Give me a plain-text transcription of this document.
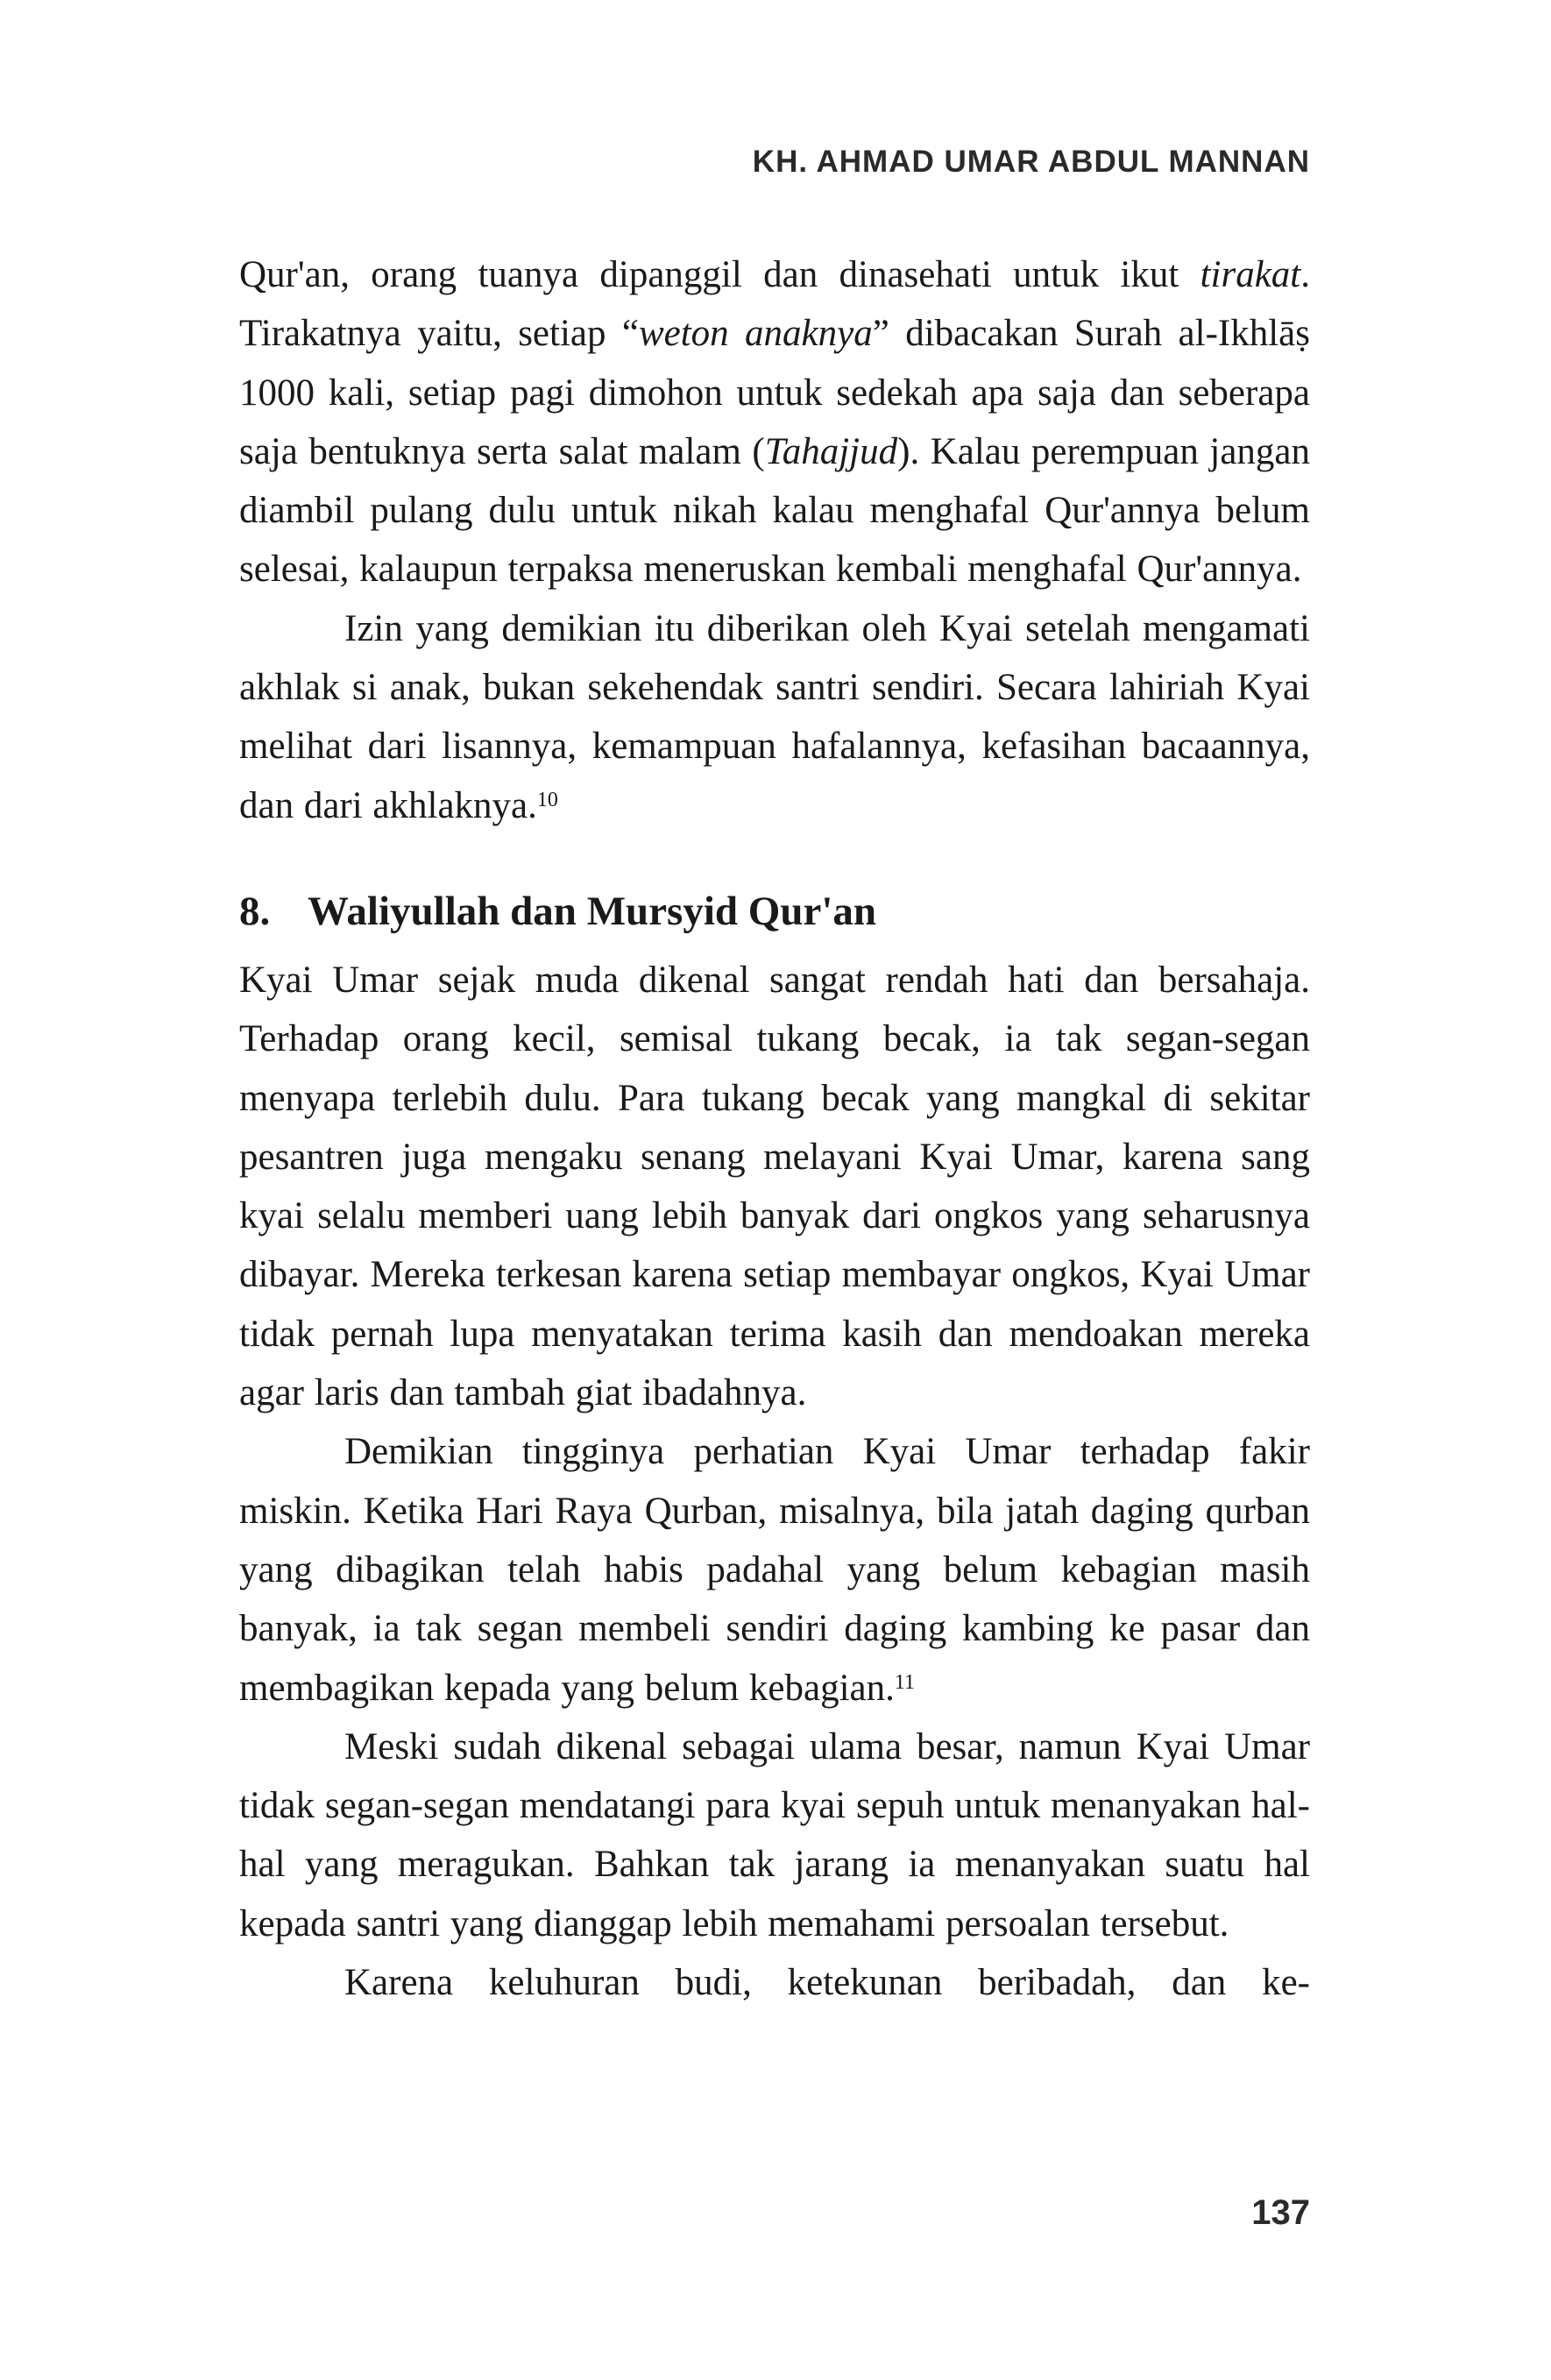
KH. AHMAD UMAR ABDUL MANNAN

Qur'an, orang tuanya dipanggil dan dinasehati untuk ikut tirakat. Tirakatnya yaitu, setiap “weton anaknya” dibacakan Surah al-Ikhlāṣ 1000 kali, setiap pagi dimohon untuk sedekah apa saja dan seberapa saja bentuknya serta salat malam (Tahajjud). Kalau perempuan jangan diambil pulang dulu untuk nikah kalau menghafal Qur'annya belum selesai, kalaupun terpaksa meneruskan kembali menghafal Qur'annya.

Izin yang demikian itu diberikan oleh Kyai setelah mengamati akhlak si anak, bukan sekehendak santri sendiri. Secara lahiriah Kyai melihat dari lisannya, kemampuan hafalannya, kefasihan bacaannya, dan dari akhlaknya.$^{10}$

8. Waliyullah dan Mursyid Qur'an

Kyai Umar sejak muda dikenal sangat rendah hati dan bersahaja. Terhadap orang kecil, semisal tukang becak, ia tak segan-segan menyapa terlebih dulu. Para tukang becak yang mangkal di sekitar pesantren juga mengaku senang melayani Kyai Umar, karena sang kyai selalu memberi uang lebih banyak dari ongkos yang seharusnya dibayar. Mereka terkesan karena setiap membayar ongkos, Kyai Umar tidak pernah lupa menyatakan terima kasih dan mendoakan mereka agar laris dan tambah giat ibadahnya.

Demikian tingginya perhatian Kyai Umar terhadap fakir miskin. Ketika Hari Raya Qurban, misalnya, bila jatah daging qurban yang dibagikan telah habis padahal yang belum kebagian masih banyak, ia tak segan membeli sendiri daging kambing ke pasar dan membagikan kepada yang belum kebagian.$^{11}$

Meski sudah dikenal sebagai ulama besar, namun Kyai Umar tidak segan-segan mendatangi para kyai sepuh untuk menanyakan hal-hal yang meragukan. Bahkan tak jarang ia menanyakan suatu hal kepada santri yang dianggap lebih memahami persoalan tersebut.

Karena keluhuran budi, ketekunan beribadah, dan ke-

137
